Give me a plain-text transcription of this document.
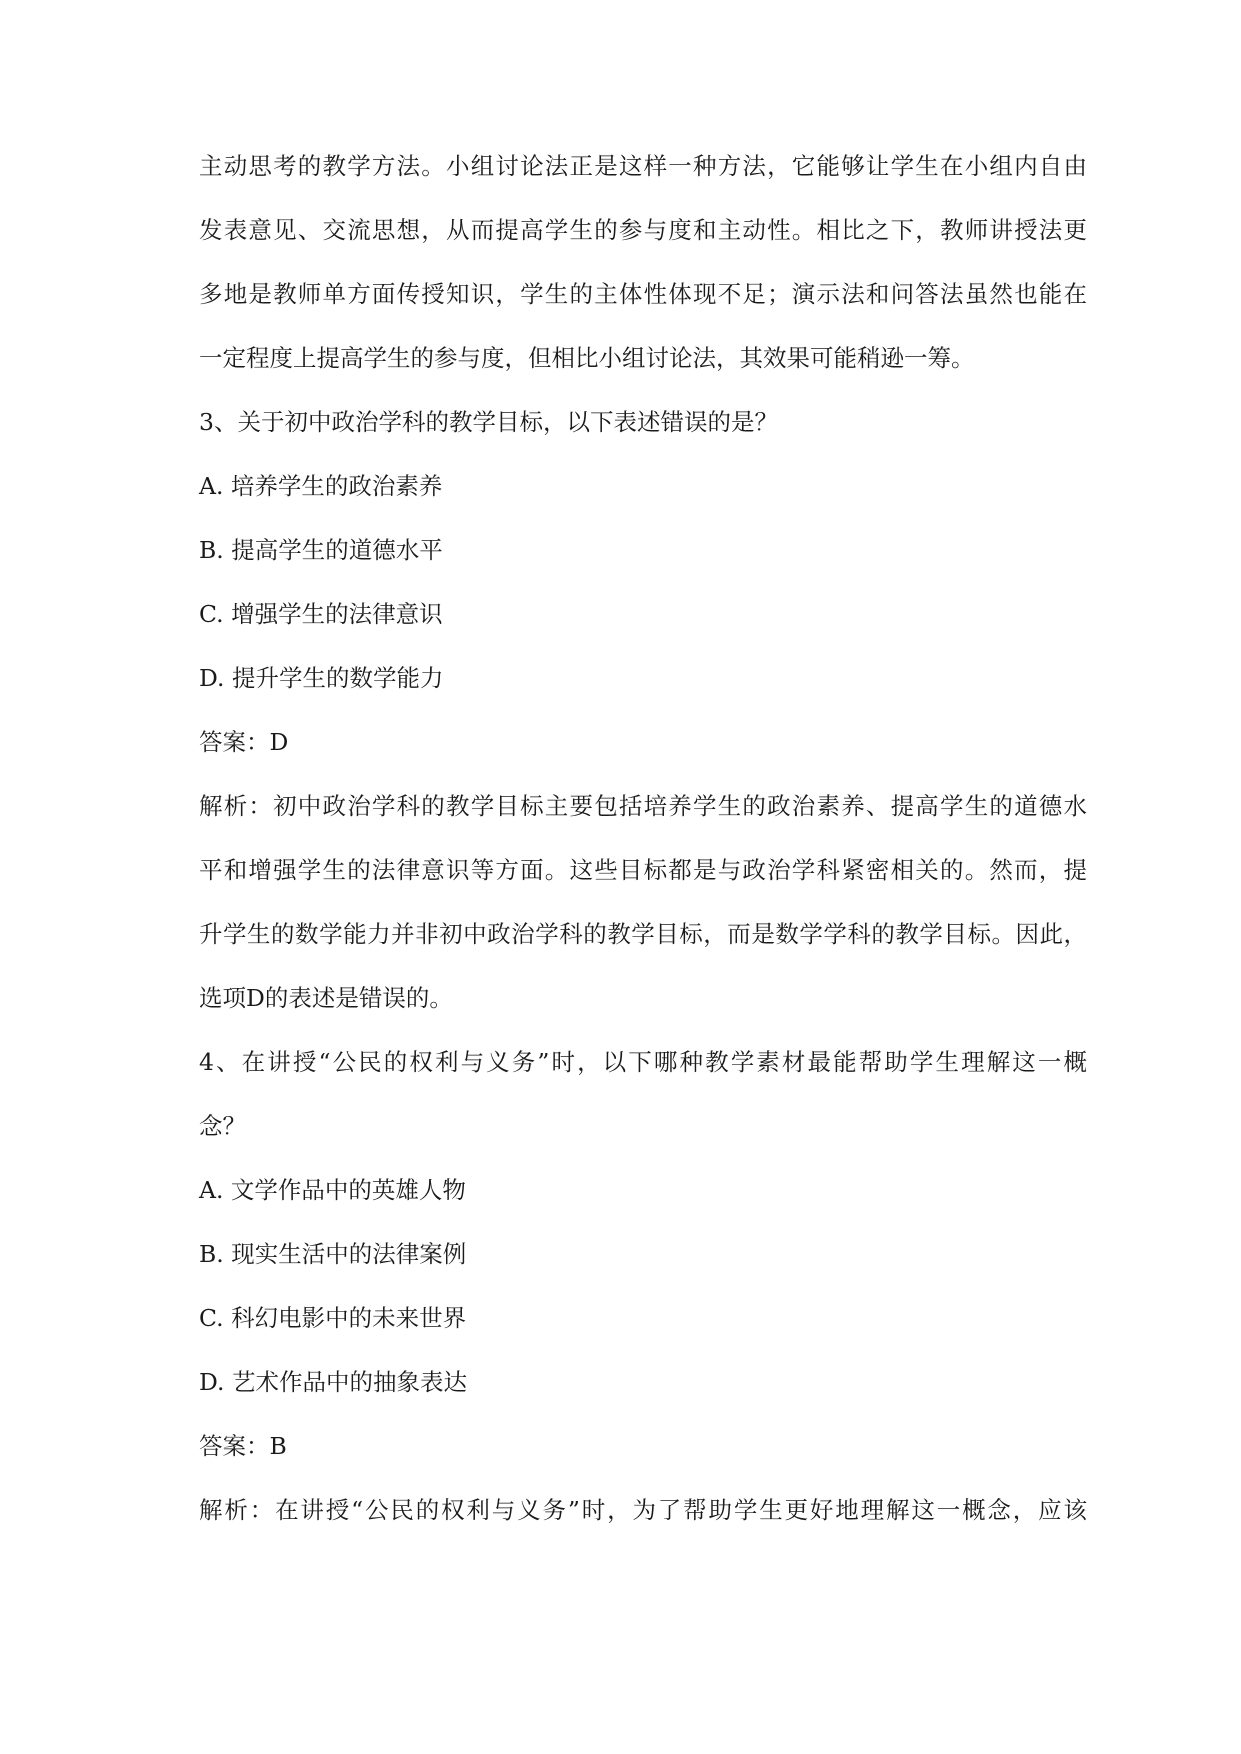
主动思考的教学方法。小组讨论法正是这样一种方法，它能够让学生在小组内自由
发表意见、交流思想，从而提高学生的参与度和主动性。相比之下，教师讲授法更
多地是教师单方面传授知识，学生的主体性体现不足；演示法和问答法虽然也能在
一定程度上提高学生的参与度，但相比小组讨论法，其效果可能稍逊一筹。
3、关于初中政治学科的教学目标，以下表述错误的是？
A. 培养学生的政治素养
B. 提高学生的道德水平
C. 增强学生的法律意识
D. 提升学生的数学能力
答案：D
解析：初中政治学科的教学目标主要包括培养学生的政治素养、提高学生的道德水
平和增强学生的法律意识等方面。这些目标都是与政治学科紧密相关的。然而，提
升学生的数学能力并非初中政治学科的教学目标，而是数学学科的教学目标。因此，
选项D的表述是错误的。
4、在讲授“公民的权利与义务”时，以下哪种教学素材最能帮助学生理解这一概
念？
A. 文学作品中的英雄人物
B. 现实生活中的法律案例
C. 科幻电影中的未来世界
D. 艺术作品中的抽象表达
答案：B
解析：在讲授“公民的权利与义务”时，为了帮助学生更好地理解这一概念，应该
